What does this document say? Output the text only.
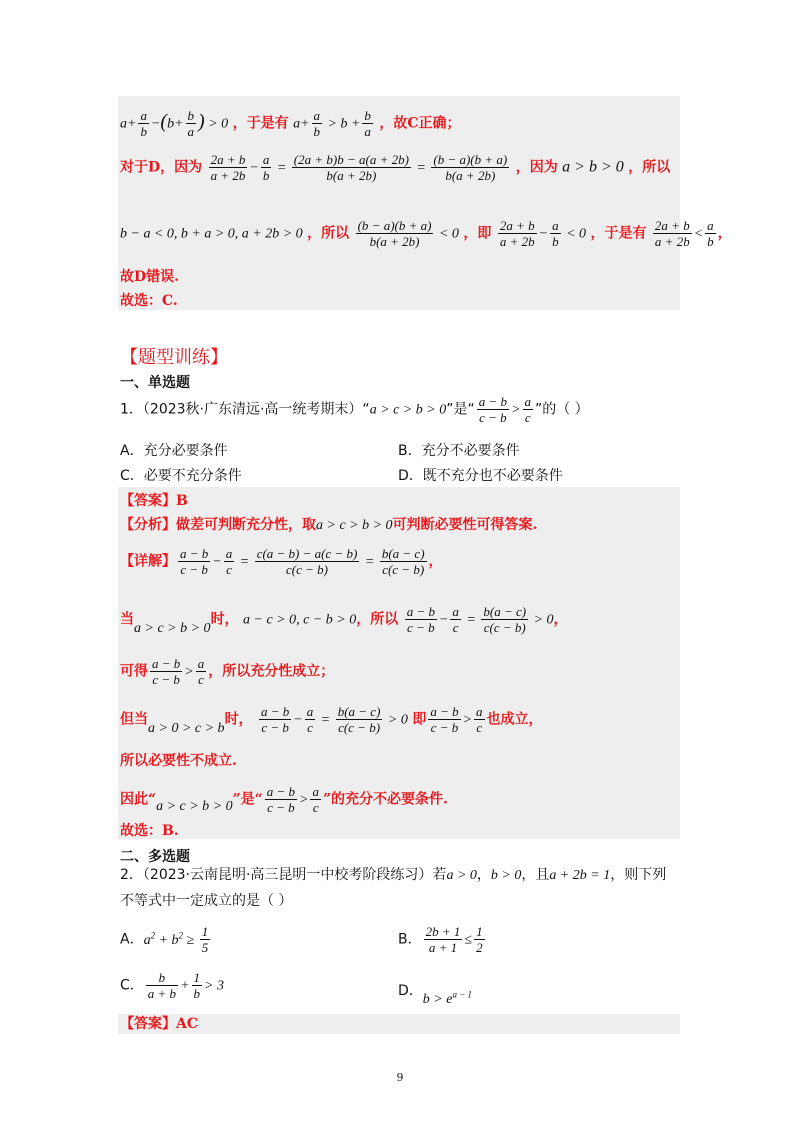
$a+ \frac{a}{b} -(b+ \frac{b}{a}$ ) > 0 ，于是有 $a+ \frac{a}{b} > b + \frac{b}{a}$ ，故C正确；
对于D，因为 $\frac{2a + b}{a + 2b} - \frac{a}{b} = \frac{(2a + b)b - a(a + 2b)}{b(a + 2b)} = \frac{(b - a)(b + a)}{b(a + 2b)}$ ，因为 a > b > 0 ，所以
b − a < 0, b + a > 0, a + 2b > 0 ，所以 $\frac{(b - a)(b + a)}{b(a + 2b)} < 0$ ，即 $\frac{2a + b}{a + 2b} - \frac{a}{b} < 0$ ，于是有 $\frac{2a + b}{a + 2b} < \frac{a}{b}$ ，
故D错误.
故选：C.
【题型训练】
一、单选题
1．（2023秋·广东清远·高一统考期末）“a > c > b > 0”是“ $\frac{a - b}{c - b} > \frac{a}{c}$ ”的（ ）
A．充分必要条件	B．充分不必要条件
C．必要不充分条件	D．既不充分也不必要条件
【答案】B
【分析】做差可判断充分性，取a > c > b > 0可判断必要性可得答案.
【详解】 $\frac{a - b}{c - b} - \frac{a}{c} = \frac{c(a - b) - a(c - b)}{c(c - b)} = \frac{b(a - c)}{c(c - b)}$ ，
当a > c > b > 0时， a − c > 0, c − b > 0，所以 $\frac{a - b}{c - b} - \frac{a}{c} = \frac{b(a - c)}{c(c - b)} > 0$，
可得 $\frac{a - b}{c - b} > \frac{a}{c}$ ，所以充分性成立；
但当a > 0 > c > b时， $\frac{a - b}{c - b} - \frac{a}{c} = \frac{b(a - c)}{c(c - b)} > 0$ 即 $\frac{a - b}{c - b} > \frac{a}{c}$ 也成立，
所以必要性不成立.
因此“a > c > b > 0”是“ $\frac{a - b}{c - b} > \frac{a}{c}$ ”的充分不必要条件.
故选：B.
二、多选题
2．（2023·云南昆明·高三昆明一中校考阶段练习）若a > 0，b > 0，且a + 2b = 1，则下列
不等式中一定成立的是（ ）
A．$a^2 + b^2 \ge \frac{1}{5}$	B． $\frac{2b + 1}{a + 1} \le \frac{1}{2}$
C． $\frac{b}{a + b} + \frac{1}{b} > 3$	D．$b > e^{a - 1}$
【答案】AC
9
